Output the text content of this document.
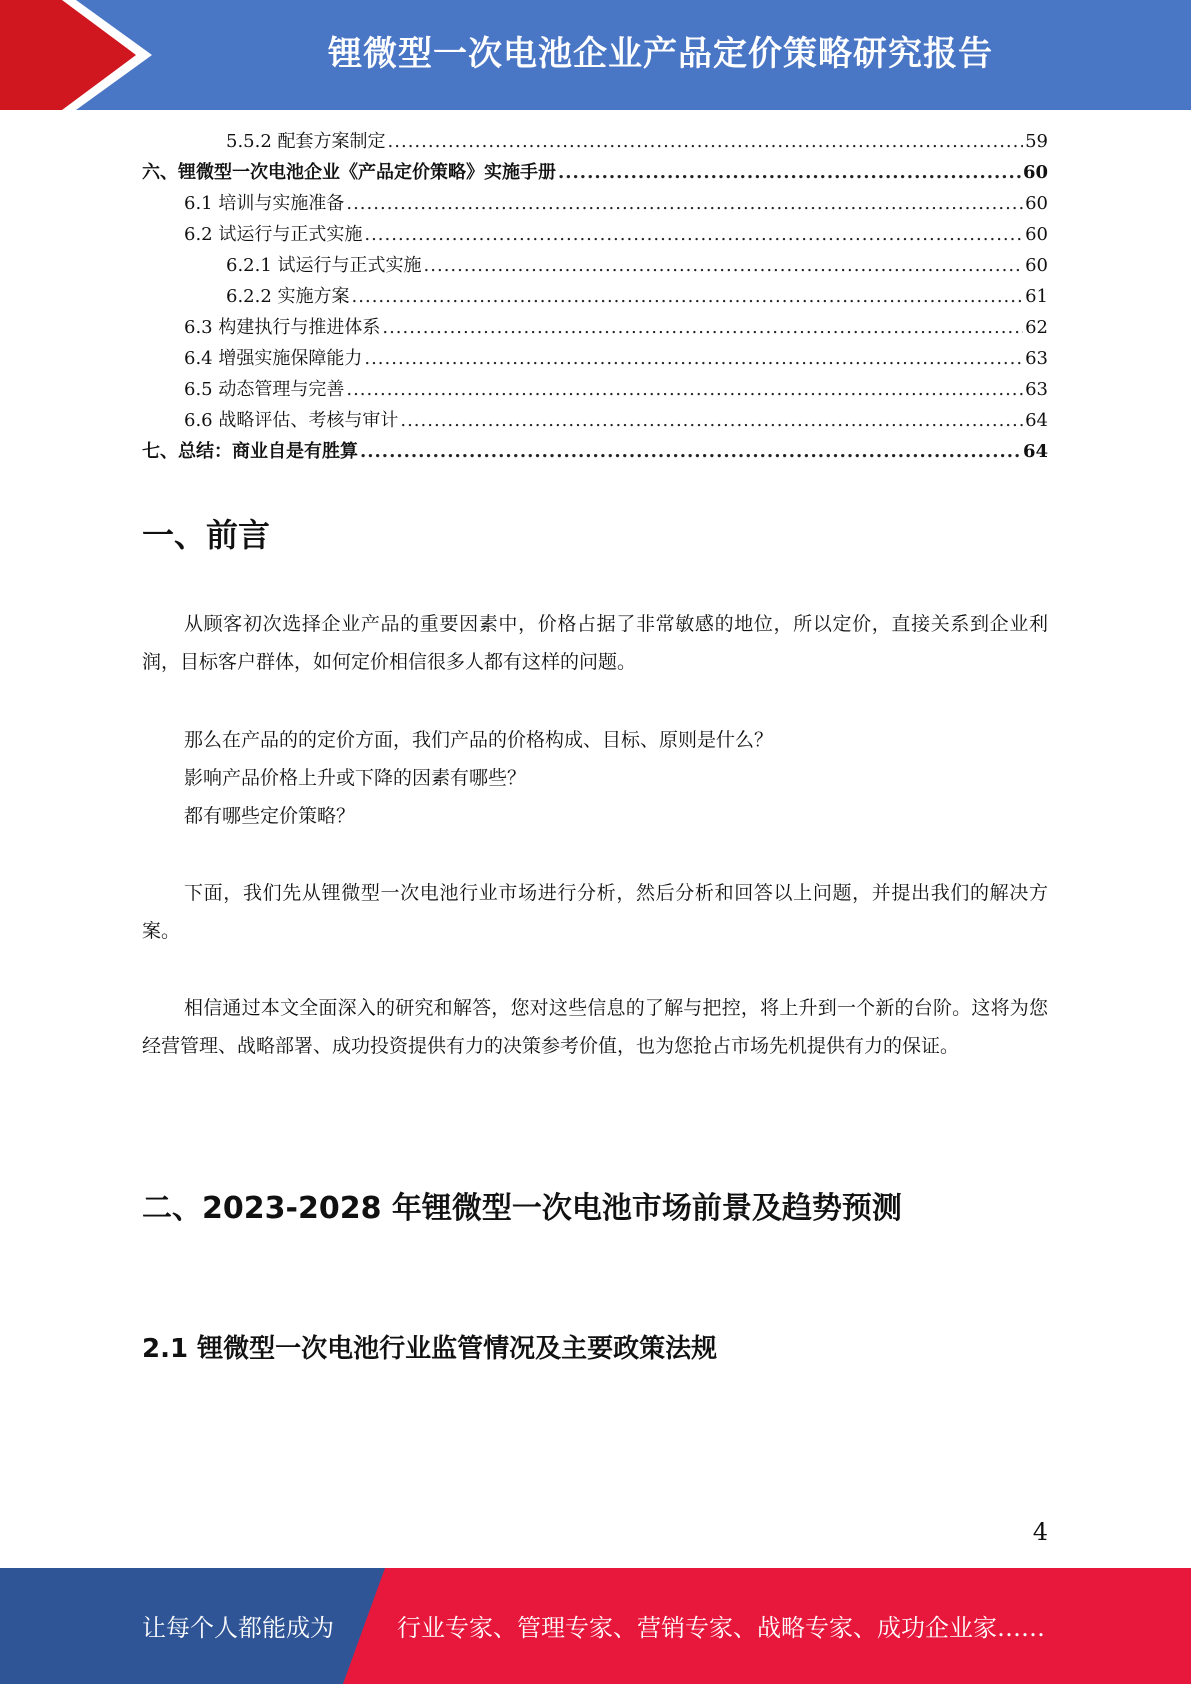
锂微型一次电池企业产品定价策略研究报告
5.5.2 配套方案制定 .....	59
六、锂微型一次电池企业《产品定价策略》实施手册 .....	60
6.1 培训与实施准备 .....	60
6.2 试运行与正式实施 .....	60
6.2.1 试运行与正式实施 .....	60
6.2.2 实施方案 .....	61
6.3 构建执行与推进体系 .....	62
6.4 增强实施保障能力 .....	63
6.5 动态管理与完善 .....	63
6.6 战略评估、考核与审计 .....	64
七、总结：商业自是有胜算 .....	64
一、前言

从顾客初次选择企业产品的重要因素中，价格占据了非常敏感的地位，所以定价，直接关系到企业利润，目标客户群体，如何定价相信很多人都有这样的问题。

那么在产品的的定价方面，我们产品的价格构成、目标、原则是什么？

影响产品价格上升或下降的因素有哪些？

都有哪些定价策略？

下面，我们先从锂微型一次电池行业市场进行分析，然后分析和回答以上问题，并提出我们的解决方案。

相信通过本文全面深入的研究和解答，您对这些信息的了解与把控，将上升到一个新的台阶。这将为您经营管理、战略部署、成功投资提供有力的决策参考价值，也为您抢占市场先机提供有力的保证。

二、2023-2028 年锂微型一次电池市场前景及趋势预测
2.1 锂微型一次电池行业监管情况及主要政策法规
4
让每个人都能成为	行业专家、管理专家、营销专家、战略专家、成功企业家……
